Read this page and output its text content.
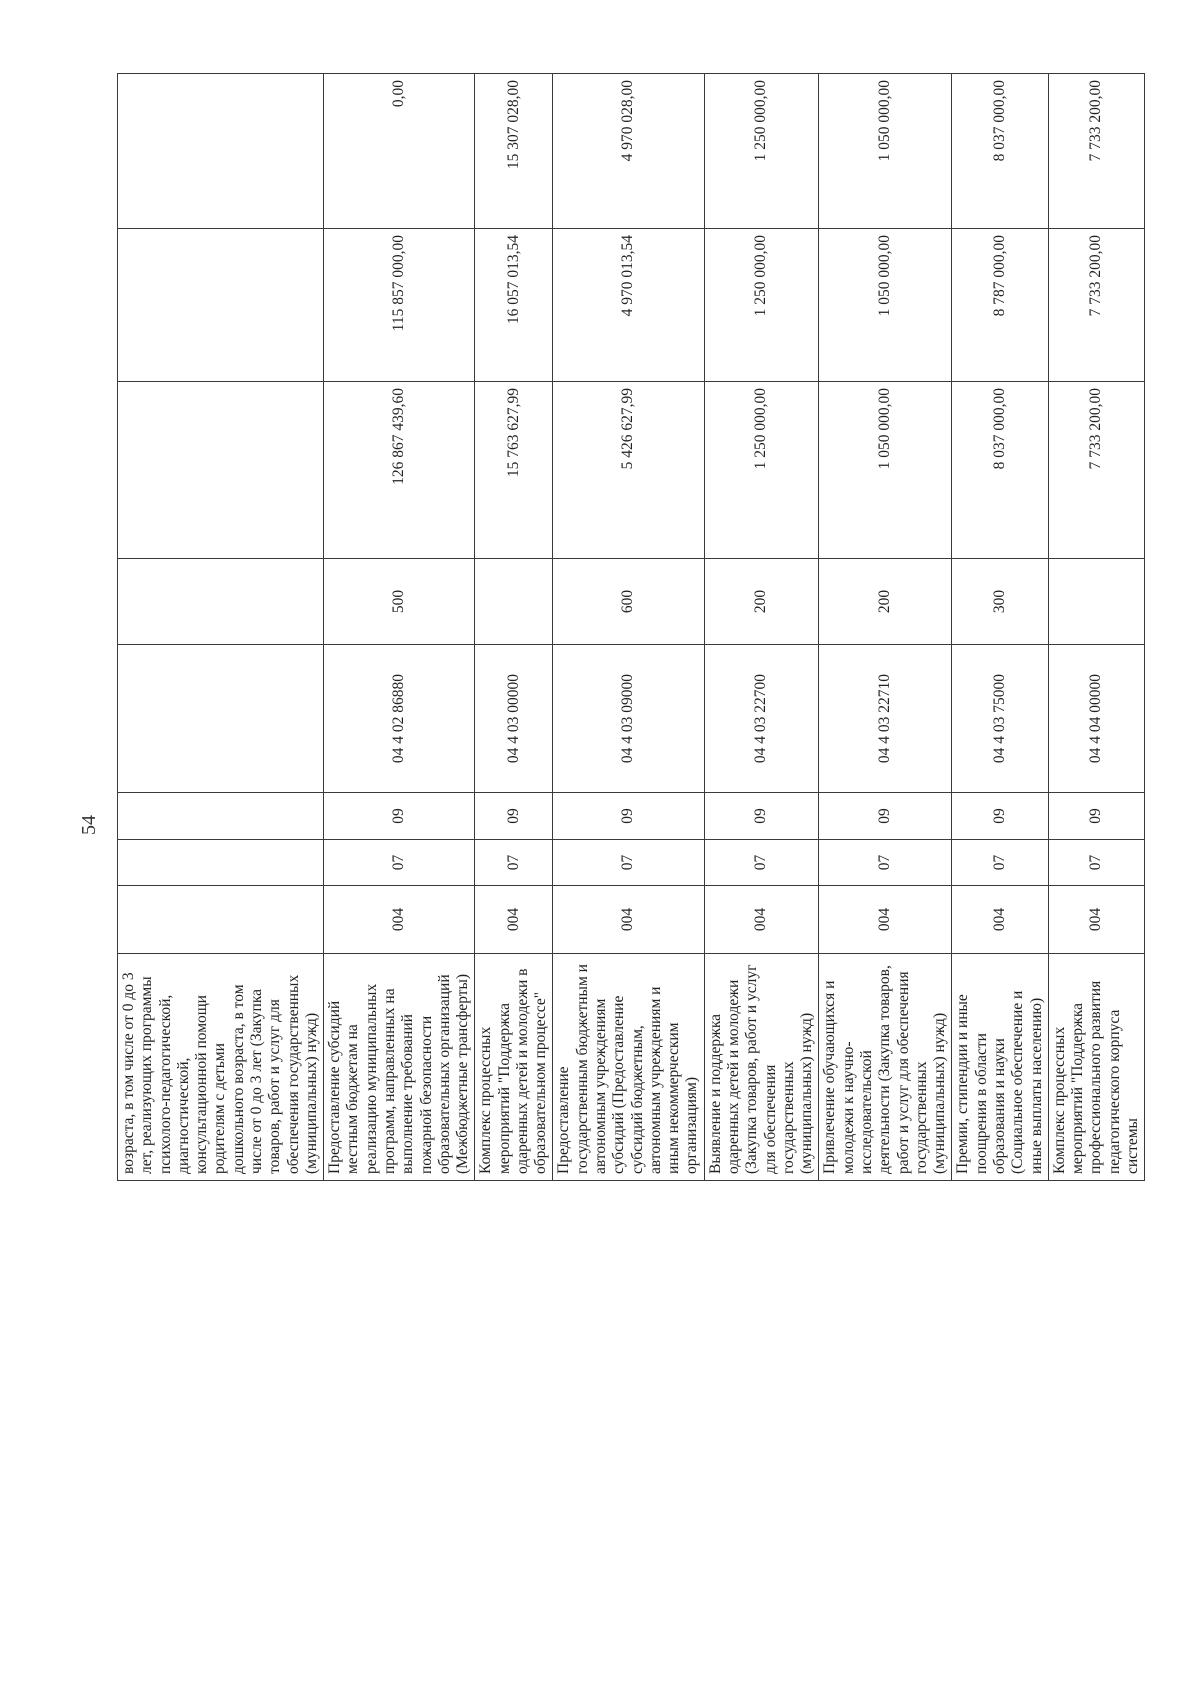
54
возраста, в том числе от 0 до 3 лет, реализующих программы психолого-педагогической, диагностической, консультационной помощи родителям с детьми дошкольного возраста, в том числе от 0 до 3 лет (Закупка товаров, работ и услуг для обеспечения государственных (муниципальных) нужд)								
Предоставление субсидий местным бюджетам на реализацию муниципальных программ, направленных на выполнение требований пожарной безопасности образовательных организаций (Межбюджетные трансферты)	004	07	09	04 4 02 86880	500	126 867 439,60	115 857 000,00	0,00
Комплекс процессных мероприятий "Поддержка одаренных детей и молодежи в образовательном процессе"	004	07	09	04 4 03 00000		15 763 627,99	16 057 013,54	15 307 028,00
Предоставление государственным бюджетным и автономным учреждениям субсидий (Предоставление субсидий бюджетным, автономным учреждениям и иным некоммерческим организациям)	004	07	09	04 4 03 09000	600	5 426 627,99	4 970 013,54	4 970 028,00
Выявление и поддержка одаренных детей и молодежи (Закупка товаров, работ и услуг для обеспечения государственных (муниципальных) нужд)	004	07	09	04 4 03 22700	200	1 250 000,00	1 250 000,00	1 250 000,00
Привлечение обучающихся и молодежи к научно-исследовательской деятельности (Закупка товаров, работ и услуг для обеспечения государственных (муниципальных) нужд)	004	07	09	04 4 03 22710	200	1 050 000,00	1 050 000,00	1 050 000,00
Премии, стипендии и иные поощрения в области образования и науки (Социальное обеспечение и иные выплаты населению)	004	07	09	04 4 03 75000	300	8 037 000,00	8 787 000,00	8 037 000,00
Комплекс процессных мероприятий "Поддержка профессионального развития педагогического корпуса системы	004	07	09	04 4 04 00000		7 733 200,00	7 733 200,00	7 733 200,00
